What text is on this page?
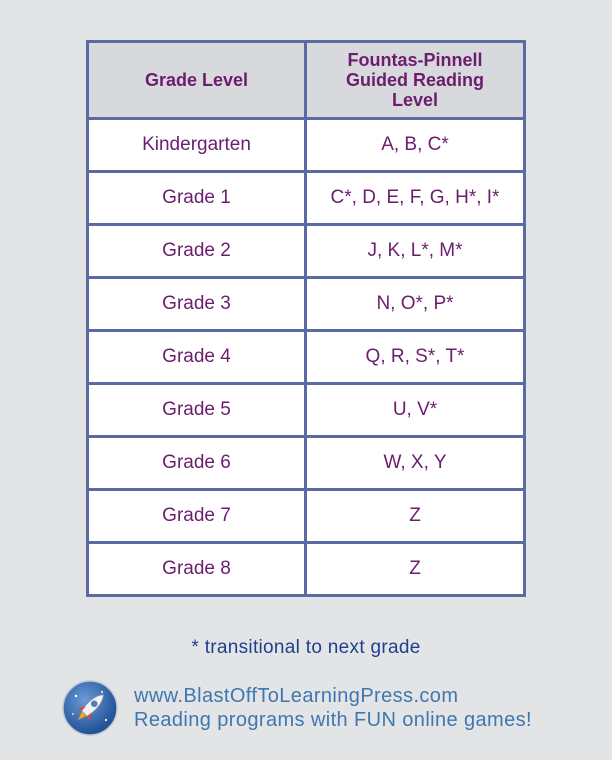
Grade Level	Fountas-Pinnell
Guided Reading
Level
Kindergarten	A, B, C*
Grade 1	C*, D, E, F, G, H*, I*
Grade 2	J, K, L*, M*
Grade 3	N, O*, P*
Grade 4	Q, R, S*, T*
Grade 5	U, V*
Grade 6	W, X, Y
Grade 7	Z
Grade 8	Z
* transitional to next grade
www.BlastOffToLearningPress.com
Reading programs with FUN online games!
